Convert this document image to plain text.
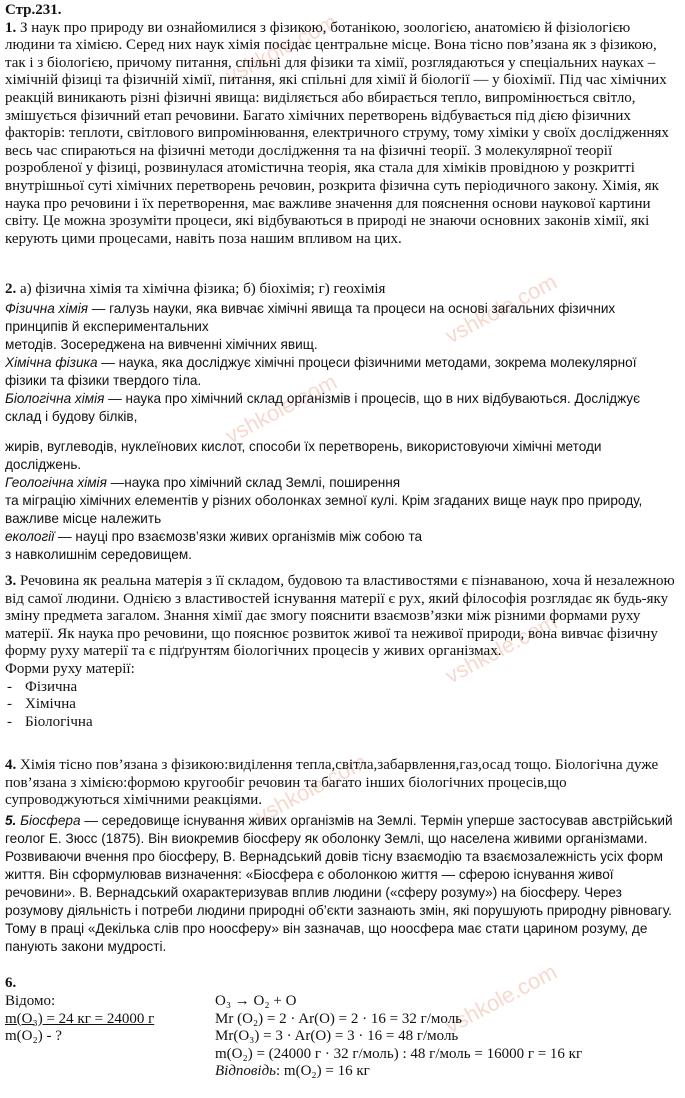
vshkole.com
vshkole.com
vshkole.com
vshkole.com
vshkole.com
vshkole.com

Стр.231.

1. З наук про природу ви ознайомилися з фізикою, ботанікою, зоологією, анатомією й фізіологією людини та хімією. Серед них наук хімія посідає центральне місце. Вона тісно пов’язана як з фізикою, так і з біологією, причому питання, спільні для фізики та хімії, розглядаються у спеціальних науках – хімічній фізиці та фізичній хімії, питання, які спільні для хімії й біології — у біохімії. Під час хімічних реакцій виникають різні фізичні явища: виділяється або вбирається тепло, випромінюється світло, змішується фізичний етап речовини. Багато хімічних перетворень відбувається під дією фізичних факторів: теплоти, світлового випромінювання, електричного струму, тому хіміки у своїх дослідженнях весь час спираються на фізичні методи дослідження та на фізичні теорії. З молекулярної теорії розробленої у фізиці, розвинулася атомістична теорія, яка стала для хіміків провідною у розкритті внутрішньої суті хімічних перетворень речовин, розкрита фізична суть періодичного закону. Хімія, як наука про речовини і їх перетворення, має важливе значення для пояснення основи наукової картини світу. Це можна зрозуміти процеси, які відбуваються в природі не знаючи основних законів хімії, які керують цими процесами, навіть поза нашим впливом на цих.

2. а) фізична хімія та хімічна фізика; б) біохімія; г) геохімія

Фізична хімія — галузь науки, яка вивчає хімічні явища та процеси на основі загальних фізичних принципів й експериментальних

методів. Зосереджена на вивченні хімічних явищ.

Хімічна фізика — наука, яка досліджує хімічні процеси фізичними методами, зокрема молекулярної фізики та фізики твердого тіла.

Біологічна хімія — наука про хімічний склад організмів і процесів, що в них відбуваються. Досліджує склад і будову білків,

жирів, вуглеводів, нуклеїнових кислот, способи їх перетворень, використовуючи хімічні методи досліджень.

Геологічна хімія —наука про хімічний склад Землі, поширення

та міграцію хімічних елементів у різних оболонках земної кулі. Крім згаданих вище наук про природу, важливе місце належить

екології — науці про взаємозв’язки живих організмів між собою та

з навколишнім середовищем.

3. Речовина як реальна матерія з її складом, будовою та властивостями є пізнаваною, хоча й незалежною від самої людини. Однією з властивостей існування матерії є рух, який філософія розглядає як будь-яку зміну предмета загалом. Знання хімії дає змогу пояснити взаємозв’язки між різними формами руху матерії. Як наука про речовини, що пояснює розвиток живої та неживої природи, вона вивчає фізичну форму руху матерії та є підґрунтям біологічних процесів у живих організмах.

Форми руху матерії:

- Фізична
- Хімічна
- Біологічна

4. Хімія тісно пов’язана з фізикою:виділення тепла,світла,забарвлення,газ,осад тощо. Біологічна дуже пов’язана з хімією:формою кругообіг речовин та багато інших біологічних процесів,що супроводжуються хімічними реакціями.

5. Біосфера — середовище існування живих організмів на Землі. Термін уперше застосував австрійський геолог Е. Зюсс (1875). Він виокремив біосферу як оболонку Землі, що населена живими організмами. Розвиваючи вчення про біосферу, В. Вернадський довів тісну взаємодію та взаємозалежність усіх форм життя. Він сформулював визначення: «Біосфера є оболонкою життя — сферою існування живої речовини». В. Вернадський охарактеризував вплив людини («сферу розуму») на біосферу. Через розумову діяльність і потреби людини природні об’єкти зазнають змін, які порушують природну рівновагу. Тому в праці «Декілька слів про ноосферу» він зазначав, що ноосфера має стати царином розуму, де панують закони мудрості.

6.

Відомо:

m(O₃) = 24 кг = 24000 г

m(O₂) - ?

O₃ → O₂ + O

Mr (O₂) = 2 · Ar(O) = 2 · 16 = 32 г/моль

Mr(O₃) = 3 · Ar(O) = 3 · 16 = 48 г/моль

m(O₂) = (24000 г · 32 г/моль) : 48 г/моль = 16000 г = 16 кг

Відповідь: m(O₂) = 16 кг
